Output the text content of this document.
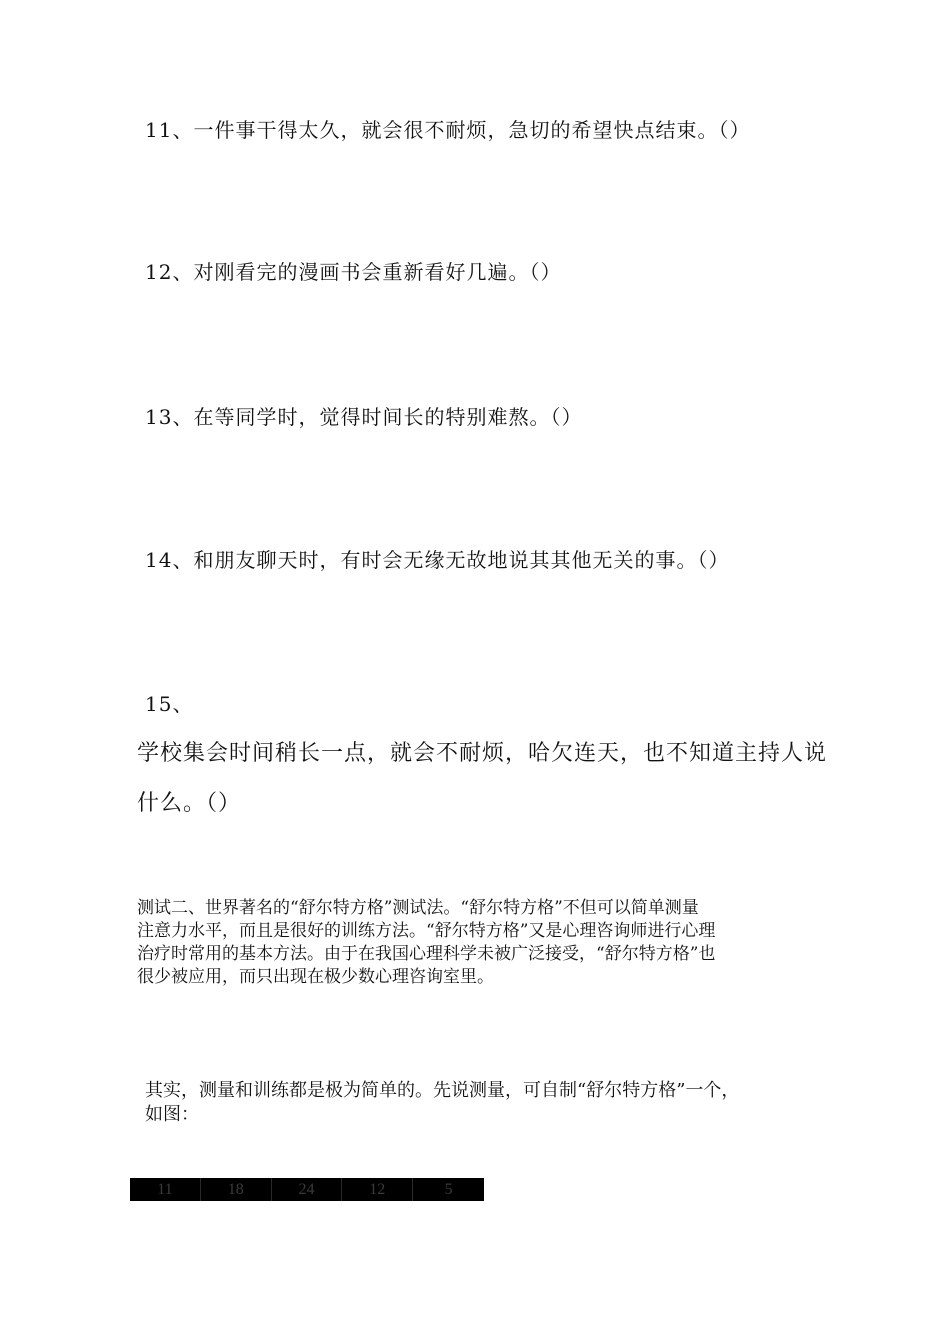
11、一件事干得太久，就会很不耐烦，急切的希望快点结束。（）
12、对刚看完的漫画书会重新看好几遍。（）
13、在等同学时，觉得时间长的特别难熬。（）
14、和朋友聊天时，有时会无缘无故地说其其他无关的事。（）
15、
学校集会时间稍长一点，就会不耐烦，哈欠连天，也不知道主持人说
什么。（）
测试二、世界著名的“舒尔特方格”测试法。“舒尔特方格”不但可以简单测量
注意力水平，而且是很好的训练方法。“舒尔特方格”又是心理咨询师进行心理
治疗时常用的基本方法。由于在我国心理科学未被广泛接受，“舒尔特方格”也
很少被应用，而只出现在极少数心理咨询室里。
其实，测量和训练都是极为简单的。先说测量，可自制“舒尔特方格”一个，
如图：
11	18	24	12	5
